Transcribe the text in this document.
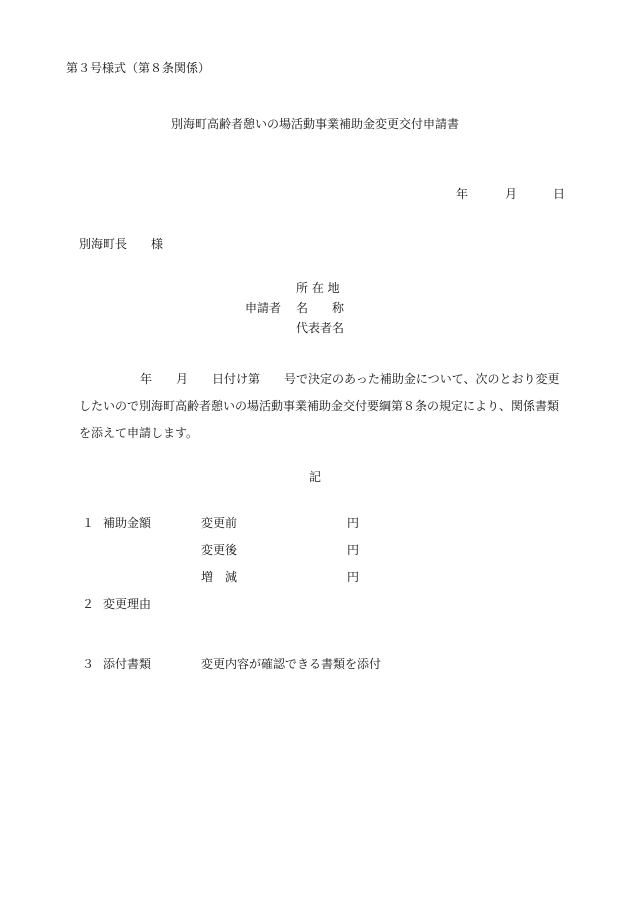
第３号様式（第８条関係）
別海町高齢者憩いの場活動事業補助金変更交付申請書
年	月	日
別海町長 様
申請者
所 在 地
名　　称
代表者名
年 月 日付け第 号で決定のあった補助金について、次のとおり変更
したいので別海町高齢者憩いの場活動事業補助金交付要綱第８条の規定により、関係書類
を添えて申請します。
記
１ 補助金額	変更前	円
変更後	円
増　減	円
２ 変更理由
３ 添付書類	変更内容が確認できる書類を添付
